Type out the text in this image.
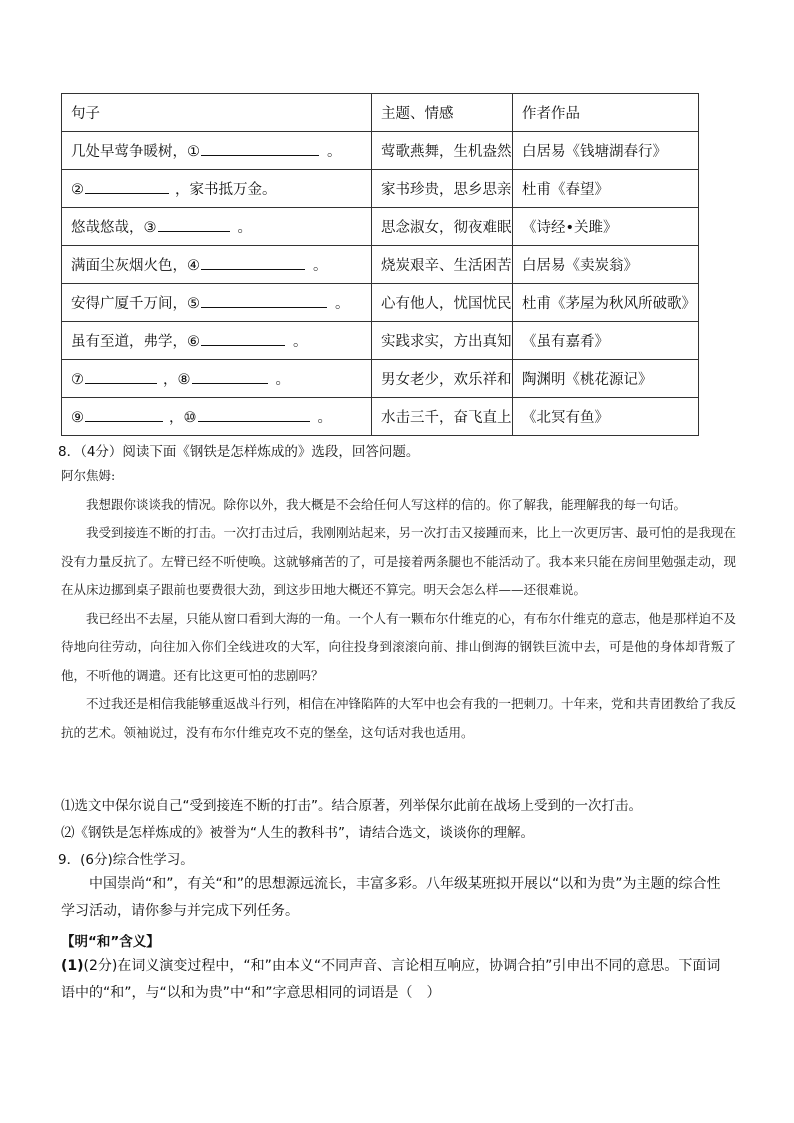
句子	主题、情感	作者作品
几处早莺争暖树，① 。	莺歌燕舞，生机盎然	白居易《钱塘湖春行》
② ，家书抵万金。	家书珍贵，思乡思亲	杜甫《春望》
悠哉悠哉，③ 。	思念淑女，彻夜难眠	《诗经•关雎》
满面尘灰烟火色，④ 。	烧炭艰辛、生活困苦	白居易《卖炭翁》
安得广厦千万间，⑤ 。	心有他人，忧国忧民	杜甫《茅屋为秋风所破歌》
虽有至道，弗学，⑥ 。	实践求实，方出真知	《虽有嘉肴》
⑦ ，⑧ 。	男女老少，欢乐祥和	陶渊明《桃花源记》
⑨ ，⑩ 。	水击三千，奋飞直上	《北冥有鱼》
8．（4分）阅读下面《钢铁是怎样炼成的》选段，回答问题。

阿尔焦姆:

我想跟你谈谈我的情况。除你以外，我大概是不会给任何人写这样的信的。你了解我，能理解我的每一句话。

我受到接连不断的打击。一次打击过后，我刚刚站起来，另一次打击又接踵而来，比上一次更厉害、最可怕的是我现在没有力量反抗了。左臂已经不听使唤。这就够痛苦的了，可是接着两条腿也不能活动了。我本来只能在房间里勉强走动，现在从床边挪到桌子跟前也要费很大劲，到这步田地大概还不算完。明天会怎么样——还很难说。

我已经出不去屋，只能从窗口看到大海的一角。一个人有一颗布尔什维克的心，有布尔什维克的意志，他是那样迫不及待地向往劳动，向往加入你们全线进攻的大军，向往投身到滚滚向前、排山倒海的钢铁巨流中去，可是他的身体却背叛了他，不听他的调遣。还有比这更可怕的悲剧吗？

不过我还是相信我能够重返战斗行列，相信在冲锋陷阵的大军中也会有我的一把刺刀。十年来，党和共青团教给了我反抗的艺术。领袖说过，没有布尔什维克攻不克的堡垒，这句话对我也适用。

⑴选文中保尔说自己“受到接连不断的打击”。结合原著，列举保尔此前在战场上受到的一次打击。
⑵《钢铁是怎样炼成的》被誉为“人生的教科书”，请结合选文，谈谈你的理解。
9．(6分)综合性学习。

中国崇尚“和”，有关“和”的思想源远流长，丰富多彩。八年级某班拟开展以“以和为贵”为主题的综合性学习活动，请你参与并完成下列任务。

【明“和”含义】
(1)(2分)在词义演变过程中，“和”由本义“不同声音、言论相互响应，协调合拍”引申出不同的意思。下面词语中的“和”，与“以和为贵”中“和”字意思相同的词语是（　）
